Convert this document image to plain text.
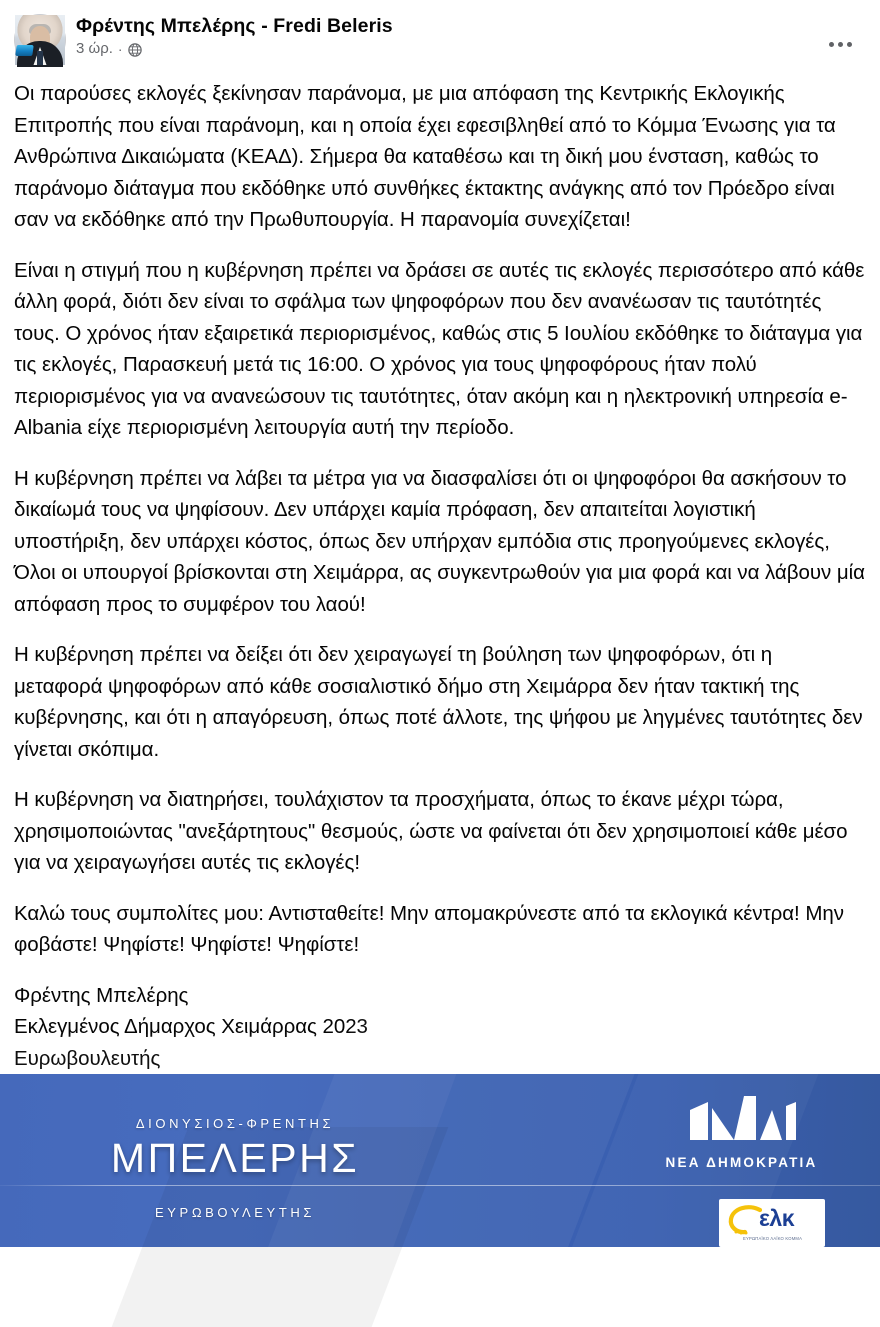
Φρέντης Μπελέρης - Fredi Beleris
3 ώρ. ·

Οι παρούσες εκλογές ξεκίνησαν παράνομα, με μια απόφαση της Κεντρικής Εκλογικής Επιτροπής που είναι παράνομη, και η οποία έχει εφεσιβληθεί από το Κόμμα Ένωσης για τα Ανθρώπινα Δικαιώματα (ΚΕΑΔ). Σήμερα θα καταθέσω και τη δική μου ένσταση, καθώς το παράνομο διάταγμα που εκδόθηκε υπό συνθήκες έκτακτης ανάγκης από τον Πρόεδρο είναι σαν να εκδόθηκε από την Πρωθυπουργία. Η παρανομία συνεχίζεται!

Είναι η στιγμή που η κυβέρνηση πρέπει να δράσει σε αυτές τις εκλογές περισσότερο από κάθε άλλη φορά, διότι δεν είναι το σφάλμα των ψηφοφόρων που δεν ανανέωσαν τις ταυτότητές τους. Ο χρόνος ήταν εξαιρετικά περιορισμένος, καθώς στις 5 Ιουλίου εκδόθηκε το διάταγμα για τις εκλογές, Παρασκευή μετά τις 16:00. Ο χρόνος για τους ψηφοφόρους ήταν πολύ περιορισμένος για να ανανεώσουν τις ταυτότητες, όταν ακόμη και η ηλεκτρονική υπηρεσία e-Albania είχε περιορισμένη λειτουργία αυτή την περίοδο.

Η κυβέρνηση πρέπει να λάβει τα μέτρα για να διασφαλίσει ότι οι ψηφοφόροι θα ασκήσουν το δικαίωμά τους να ψηφίσουν. Δεν υπάρχει καμία πρόφαση, δεν απαιτείται λογιστική υποστήριξη, δεν υπάρχει κόστος, όπως δεν υπήρχαν εμπόδια στις προηγούμενες εκλογές, Όλοι οι υπουργοί βρίσκονται στη Χειμάρρα, ας συγκεντρωθούν για μια φορά και να λάβουν μία απόφαση προς το συμφέρον του λαού!

Η κυβέρνηση πρέπει να δείξει ότι δεν χειραγωγεί τη βούληση των ψηφοφόρων, ότι η μεταφορά ψηφοφόρων από κάθε σοσιαλιστικό δήμο στη Χειμάρρα δεν ήταν τακτική της κυβέρνησης, και ότι η απαγόρευση, όπως ποτέ άλλοτε, της ψήφου με ληγμένες ταυτότητες δεν γίνεται σκόπιμα.

Η κυβέρνηση να διατηρήσει, τουλάχιστον τα προσχήματα, όπως το έκανε μέχρι τώρα, χρησιμοποιώντας "ανεξάρτητους" θεσμούς, ώστε να φαίνεται ότι δεν χρησιμοποιεί κάθε μέσο για να χειραγωγήσει αυτές τις εκλογές!

Καλώ τους συμπολίτες μου: Αντισταθείτε! Μην απομακρύνεστε από τα εκλογικά κέντρα! Μην φοβάστε! Ψηφίστε! Ψηφίστε! Ψηφίστε!

Φρέντης Μπελέρης
Εκλεγμένος Δήμαρχος Χειμάρρας 2023
Ευρωβουλευτής

ΔΙΟΝΥΣΙΟΣ-ΦΡΕΝΤΗΣ
ΜΠΕΛΕΡΗΣ
ΕΥΡΩΒΟΥΛΕΥΤΗΣ
ΝΕΑ ΔΗΜΟΚΡΑΤΙΑ
ελκ
ΕΥΡΩΠΑΪΚΟ ΛΑΪΚΟ ΚΟΜΜΑ
